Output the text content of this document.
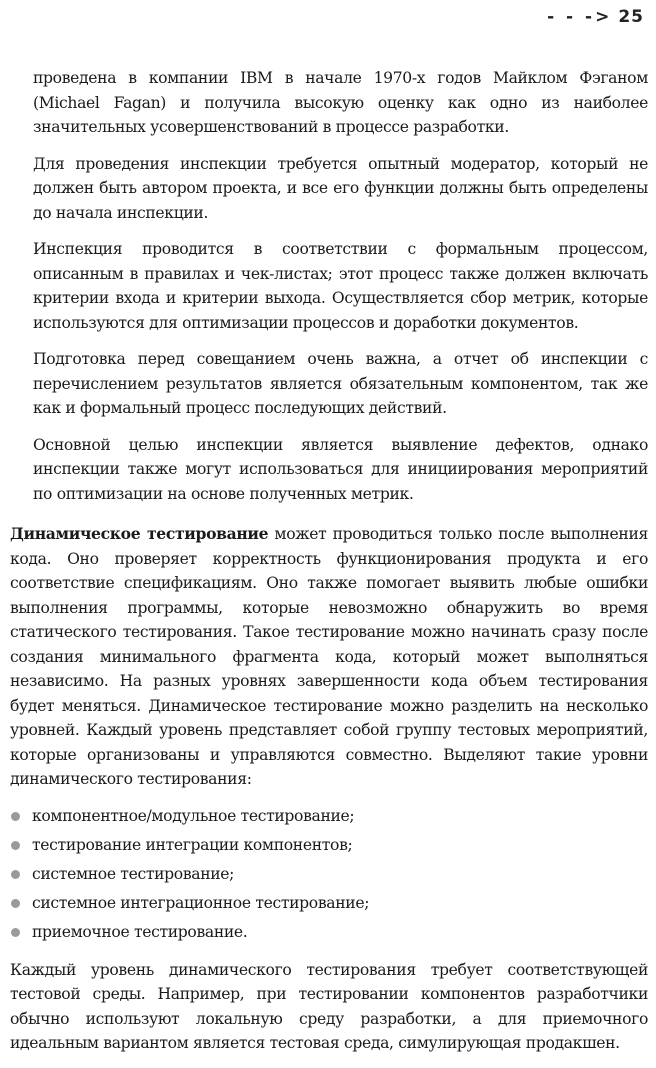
- - -> 25

проведена в компании IBM в начале 1970-х годов Майклом Фэганом (Michael Fagan) и получила высокую оценку как одно из наиболее значительных усовершенствований в процессе разработки.

Для проведения инспекции требуется опытный модератор, который не должен быть автором проекта, и все его функции должны быть определены до начала инспекции.

Инспекция проводится в соответствии с формальным процессом, описанным в правилах и чек-листах; этот процесс также должен включать критерии входа и критерии выхода. Осуществляется сбор метрик, которые используются для оптимизации процессов и доработки документов.

Подготовка перед совещанием очень важна, а отчет об инспекции с перечислением результатов является обязательным компонентом, так же как и формальный процесс последующих действий.

Основной целью инспекции является выявление дефектов, однако инспекции также могут использоваться для инициирования мероприятий по оптимизации на основе полученных метрик.

Динамическое тестирование может проводиться только после выполнения кода. Оно проверяет корректность функционирования продукта и его соответствие спецификациям. Оно также помогает выявить любые ошибки выполнения программы, которые невозможно обнаружить во время статического тестирования. Такое тестирование можно начинать сразу после создания минимального фрагмента кода, который может выполняться независимо. На разных уровнях завершенности кода объем тестирования будет меняться. Динамическое тестирование можно разделить на несколько уровней. Каждый уровень представляет собой группу тестовых мероприятий, которые организованы и управляются совместно. Выделяют такие уровни динамического тестирования:

компонентное/модульное тестирование;
тестирование интеграции компонентов;
системное тестирование;
системное интеграционное тестирование;
приемочное тестирование.

Каждый уровень динамического тестирования требует соответствующей тестовой среды. Например, при тестировании компонентов разработчики обычно используют локальную среду разработки, а для приемочного идеальным вариантом является тестовая среда, симулирующая продакшен.
